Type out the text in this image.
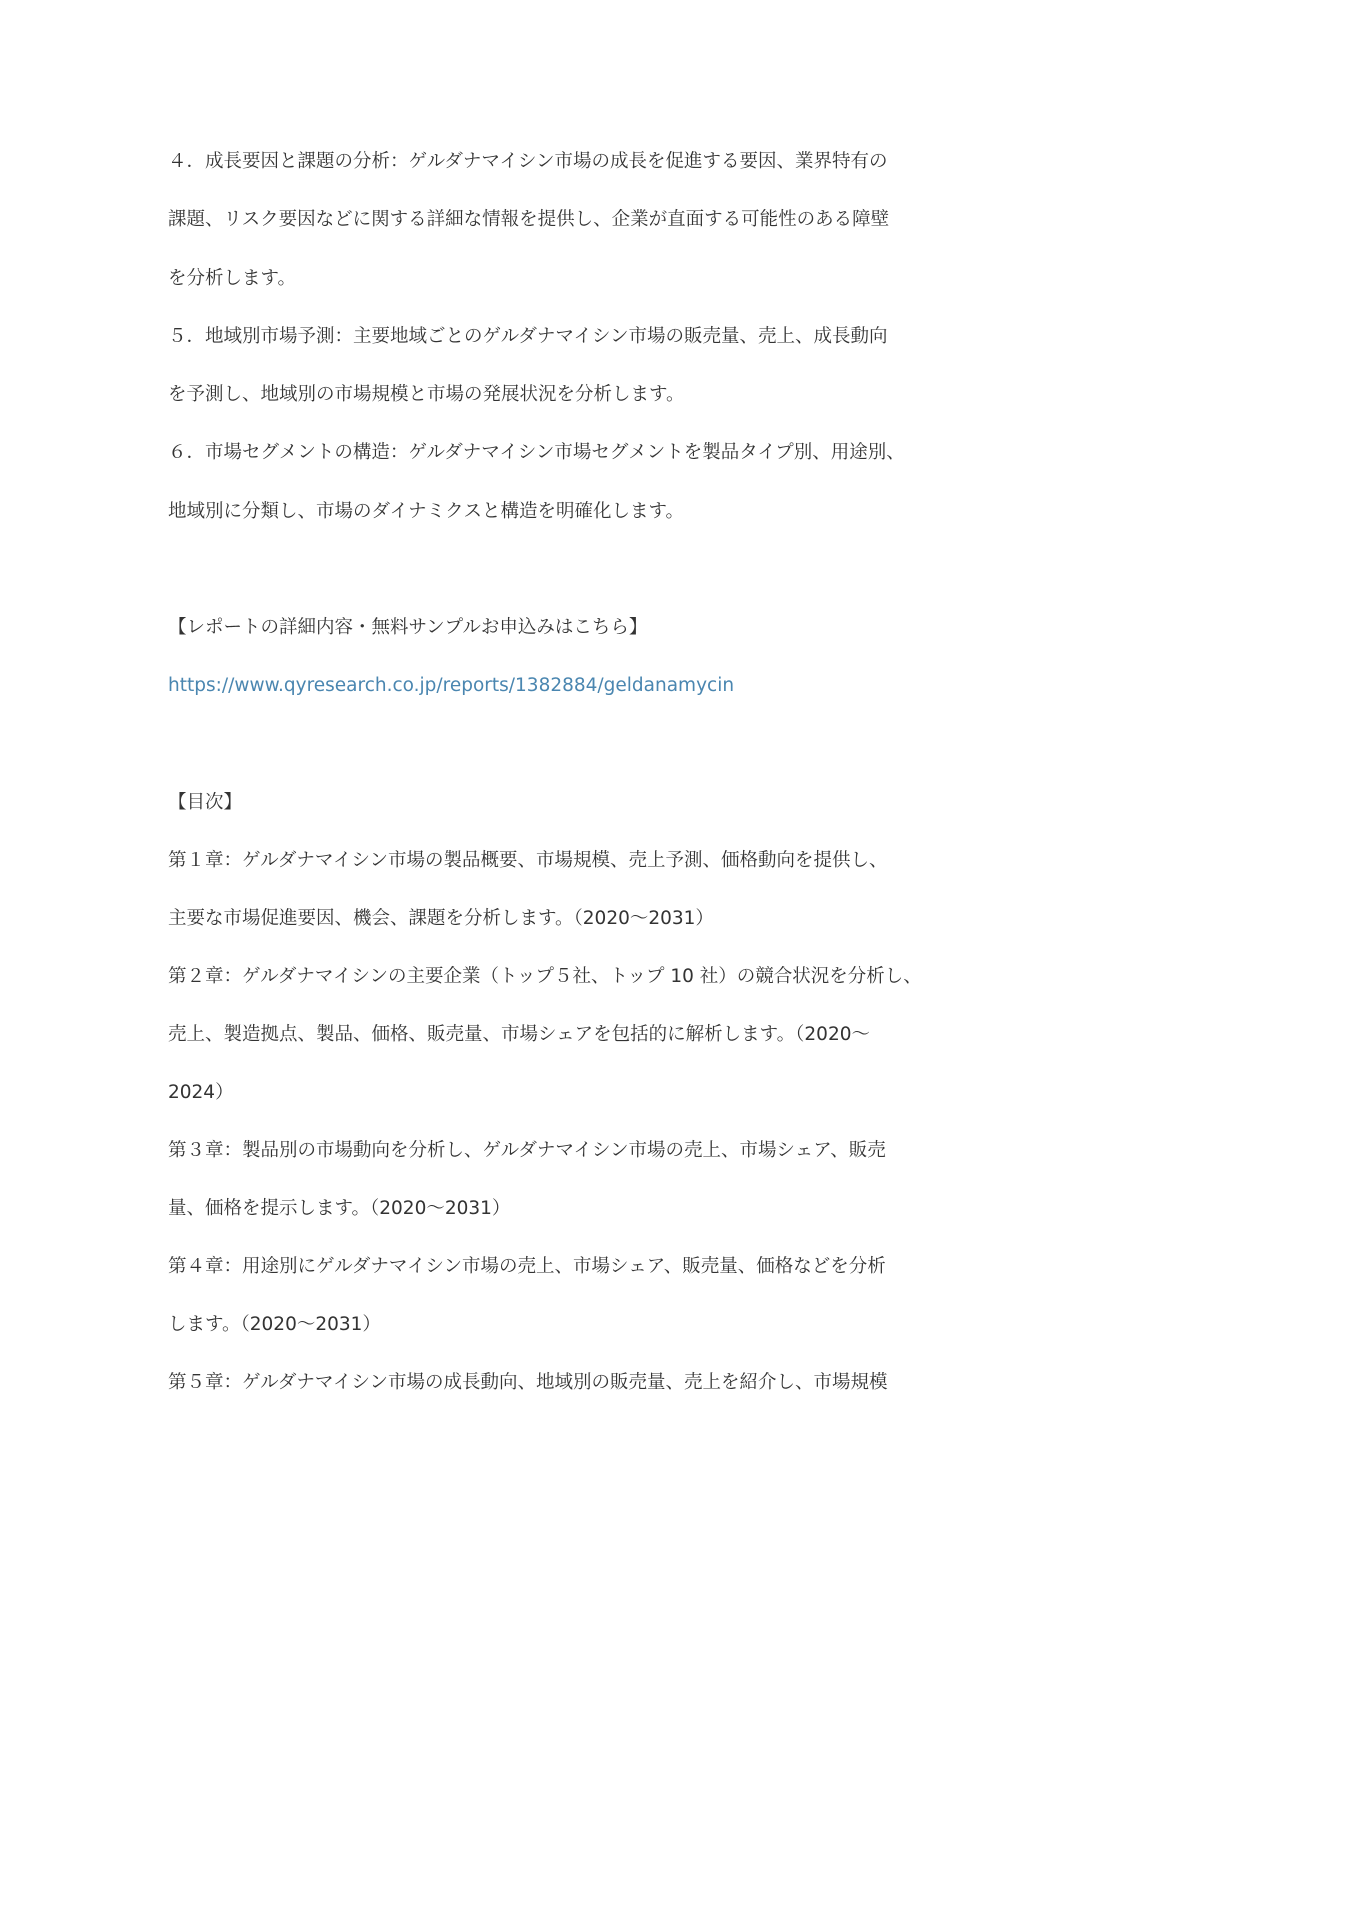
４．成長要因と課題の分析：ゲルダナマイシン市場の成長を促進する要因、業界特有の
課題、リスク要因などに関する詳細な情報を提供し、企業が直面する可能性のある障壁
を分析します。
５．地域別市場予測：主要地域ごとのゲルダナマイシン市場の販売量、売上、成長動向
を予測し、地域別の市場規模と市場の発展状況を分析します。
６．市場セグメントの構造：ゲルダナマイシン市場セグメントを製品タイプ別、用途別、
地域別に分類し、市場のダイナミクスと構造を明確化します。
【レポートの詳細内容・無料サンプルお申込みはこちら】
https://www.qyresearch.co.jp/reports/1382884/geldanamycin
【目次】
第１章：ゲルダナマイシン市場の製品概要、市場規模、売上予測、価格動向を提供し、
主要な市場促進要因、機会、課題を分析します。（2020～2031）
第２章：ゲルダナマイシンの主要企業（トップ５社、トップ 10 社）の競合状況を分析し、
売上、製造拠点、製品、価格、販売量、市場シェアを包括的に解析します。（2020～
2024）
第３章：製品別の市場動向を分析し、ゲルダナマイシン市場の売上、市場シェア、販売
量、価格を提示します。（2020～2031）
第４章：用途別にゲルダナマイシン市場の売上、市場シェア、販売量、価格などを分析
します。（2020～2031）
第５章：ゲルダナマイシン市場の成長動向、地域別の販売量、売上を紹介し、市場規模
